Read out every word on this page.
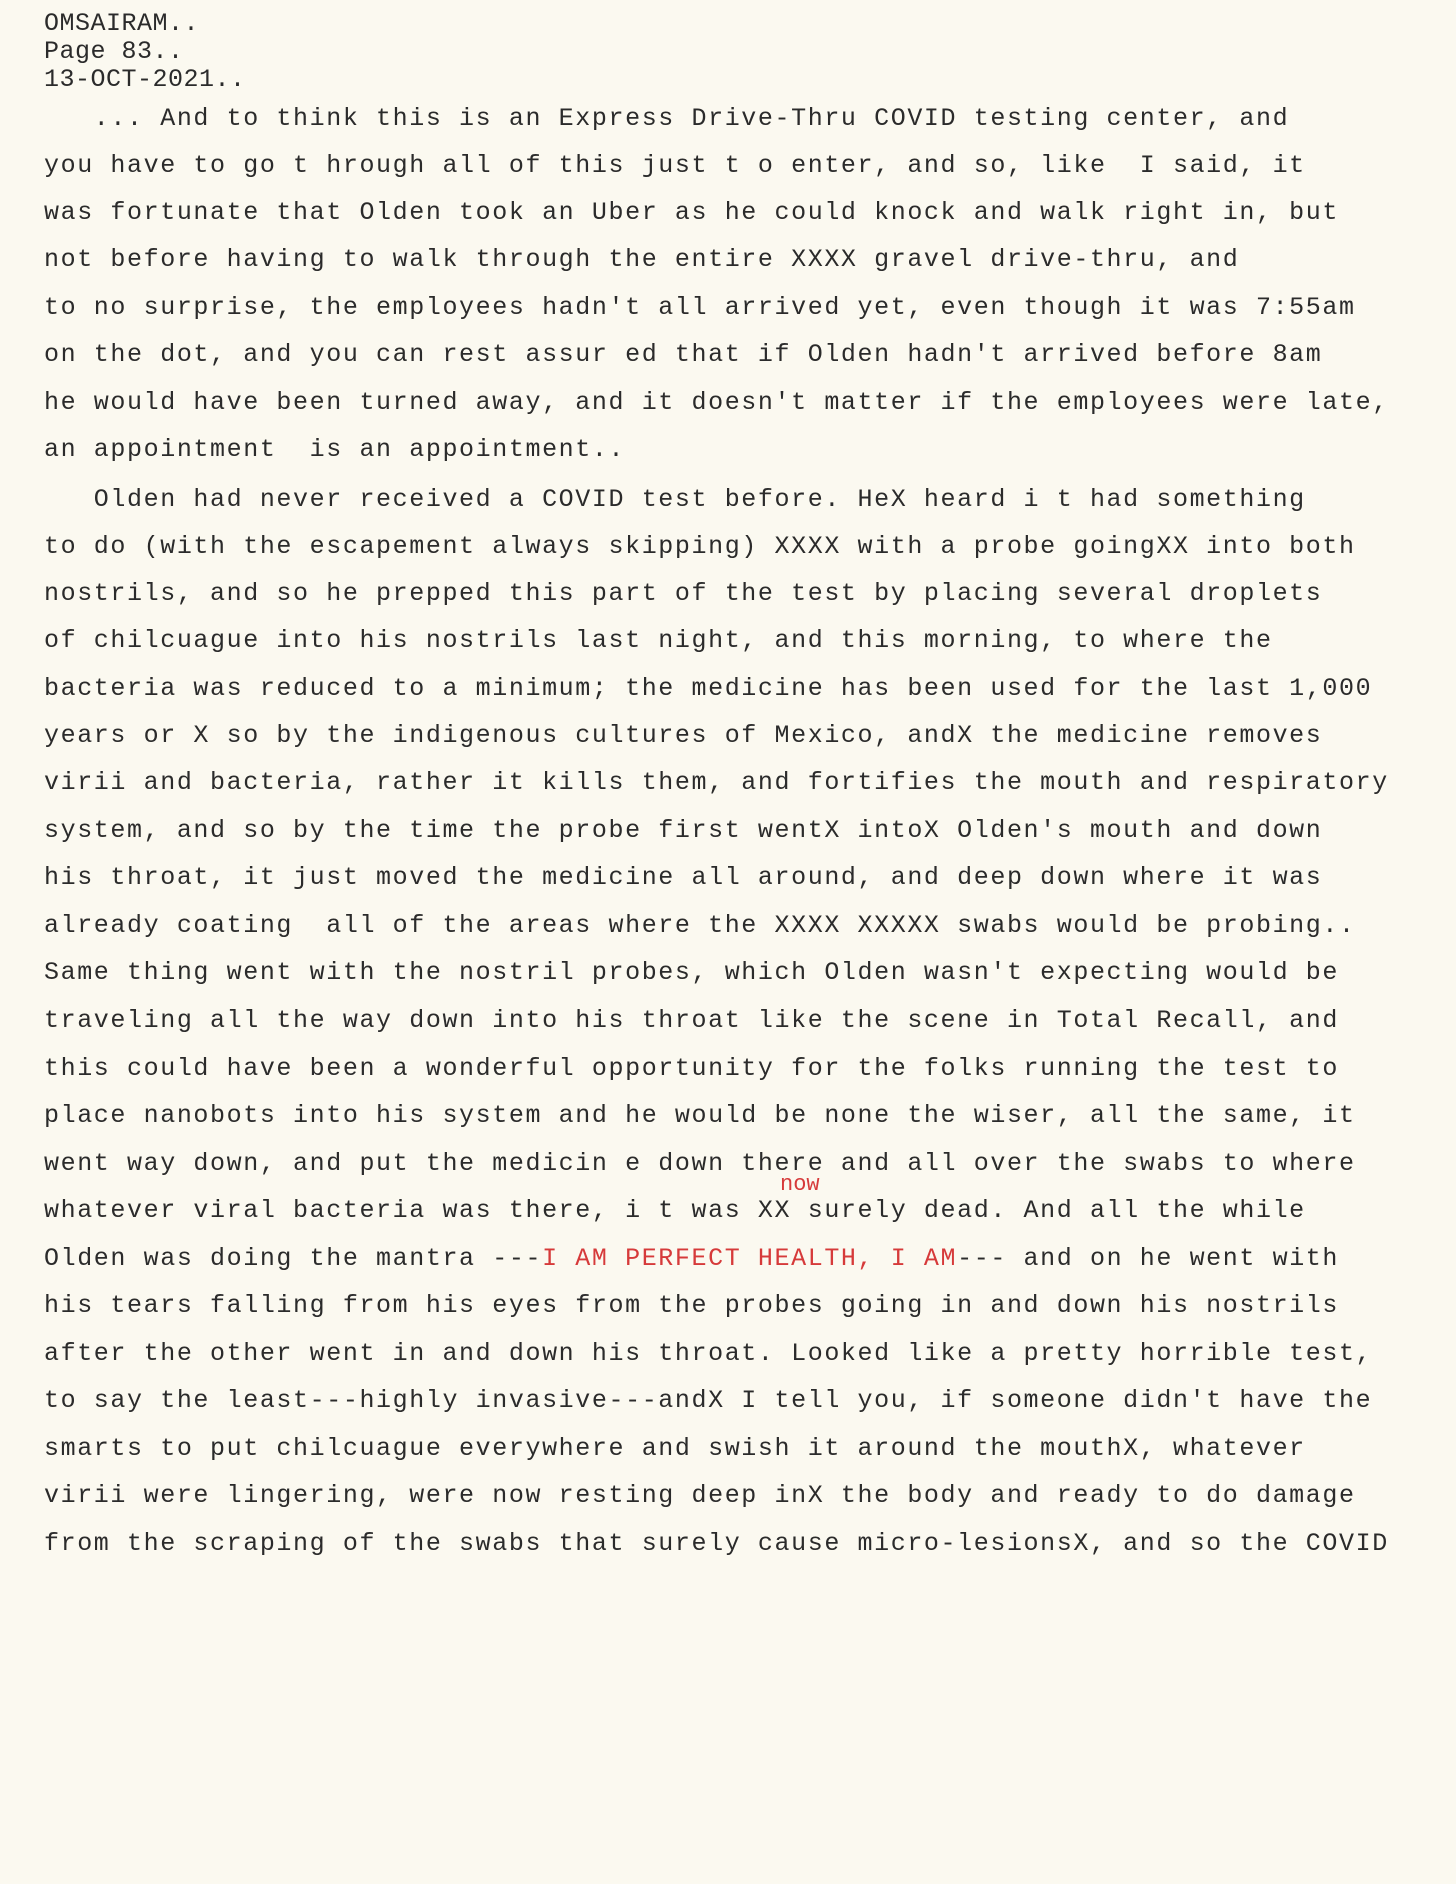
OMSAIRAM..
Page 83..
13-OCT-2021..
... And to think this is an Express Drive-Thru COVID testing center, and
you have to go t hrough all of this just t o enter, and so, like  I said, it
was fortunate that Olden took an Uber as he could knock and walk right in, but
not before having to walk through the entire XXXX gravel drive-thru, and
to no surprise, the employees hadn't all arrived yet, even though it was 7:55am
on the dot, and you can rest assur ed that if Olden hadn't arrived before 8am
he would have been turned away, and it doesn't matter if the employees were late,
an appointment  is an appointment..
Olden had never received a COVID test before. HeX heard i t had something
to do (with the escapement always skipping) XXXX with a probe goingXX into both
nostrils, and so he prepped this part of the test by placing several droplets
of chilcuague into his nostrils last night, and this morning, to where the
bacteria was reduced to a minimum; the medicine has been used for the last 1,000
years or X so by the indigenous cultures of Mexico, andX the medicine removes
virii and bacteria, rather it kills them, and fortifies the mouth and respiratory
system, and so by the time the probe first wentX intoX Olden's mouth and down
his throat, it just moved the medicine all around, and deep down where it was
already coating  all of the areas where the XXXX XXXXX swabs would be probing..
Same thing went with the nostril probes, which Olden wasn't expecting would be
traveling all the way down into his throat like the scene in Total Recall, and
this could have been a wonderful opportunity for the folks running the test to
place nanobots into his system and he would be none the wiser, all the same, it
went way down, and put the medicin e down there and all over the swabs to where
now
whatever viral bacteria was there, i t was XX surely dead. And all the while
Olden was doing the mantra ---I AM PERFECT HEALTH, I AM--- and on he went with
his tears falling from his eyes from the probes going in and down his nostrils
after the other went in and down his throat. Looked like a pretty horrible test,
to say the least---highly invasive---andX I tell you, if someone didn't have the
smarts to put chilcuague everywhere and swish it around the mouthX, whatever
virii were lingering, were now resting deep inX the body and ready to do damage
from the scraping of the swabs that surely cause micro-lesionsX, and so the COVID
